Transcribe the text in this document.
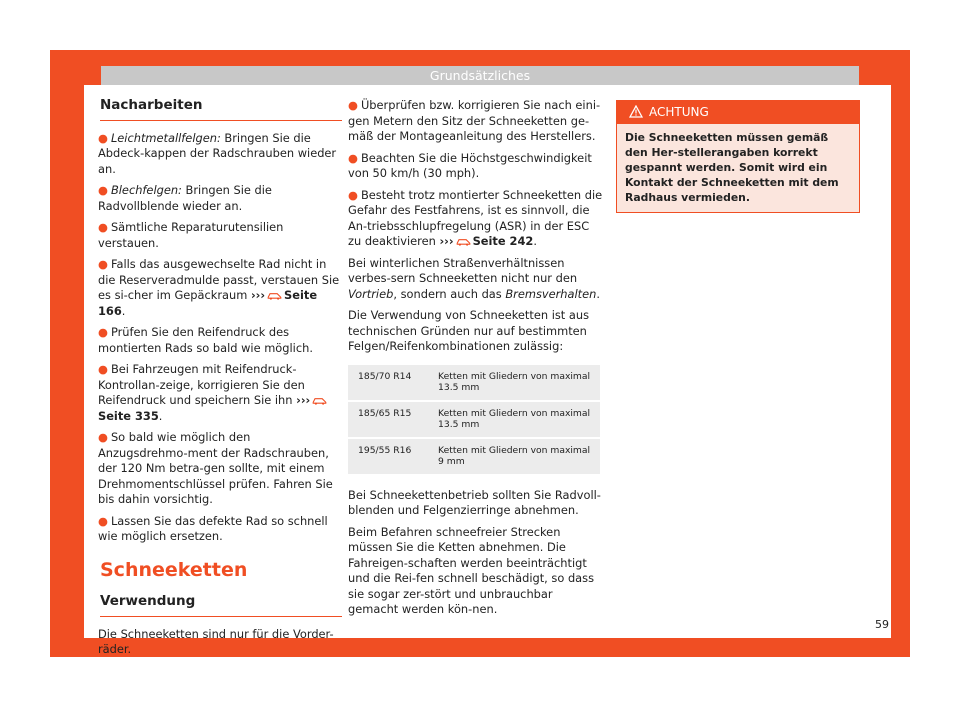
Grundsätzliches
Nacharbeiten

● Leichtmetallfelgen: Bringen Sie die Abdeck-kappen der Radschrauben wieder an.

● Blechfelgen: Bringen Sie die Radvollblende wieder an.

● Sämtliche Reparaturutensilien verstauen.

● Falls das ausgewechselte Rad nicht in die Reserveradmulde passt, verstauen Sie es si-cher im Gepäckraum ››› Seite 166.

● Prüfen Sie den Reifendruck des montierten Rads so bald wie möglich.

● Bei Fahrzeugen mit Reifendruck-Kontrollan-zeige, korrigieren Sie den Reifendruck und speichern Sie ihn ›››Seite 335.

● So bald wie möglich den Anzugsdrehmo-ment der Radschrauben, der 120 Nm betra-gen sollte, mit einem Drehmomentschlüssel prüfen. Fahren Sie bis dahin vorsichtig.

● Lassen Sie das defekte Rad so schnell wie möglich ersetzen.

Schneeketten
Verwendung

Die Schneeketten sind nur für die Vorder-räder.

● Überprüfen bzw. korrigieren Sie nach eini-gen Metern den Sitz der Schneeketten ge-mäß der Montageanleitung des Herstellers.

● Beachten Sie die Höchstgeschwindigkeit von 50 km/h (30 mph).

● Besteht trotz montierter Schneeketten die Gefahr des Festfahrens, ist es sinnvoll, die An-triebsschlupfregelung (ASR) in der ESC zu deaktivieren ››› Seite 242.

Bei winterlichen Straßenverhältnissen verbes-sern Schneeketten nicht nur den Vortrieb, sondern auch das Bremsverhalten.

Die Verwendung von Schneeketten ist aus technischen Gründen nur auf bestimmten Felgen/Reifenkombinationen zulässig:

185/70 R14	Ketten mit Gliedern von maximal 13.5 mm
185/65 R15	Ketten mit Gliedern von maximal 13.5 mm
195/55 R16	Ketten mit Gliedern von maximal 9 mm

Bei Schneekettenbetrieb sollten Sie Radvoll-blenden und Felgenzierringe abnehmen.

Beim Befahren schneefreier Strecken müssen Sie die Ketten abnehmen. Die Fahreigen-schaften werden beeinträchtigt und die Rei-fen schnell beschädigt, so dass sie sogar zer-stört und unbrauchbar gemacht werden kön-nen.

ACHTUNG
Die Schneeketten müssen gemäß den Her-stellerangaben korrekt gespannt werden. Somit wird ein Kontakt der Schneeketten mit dem Radhaus vermieden.
59
